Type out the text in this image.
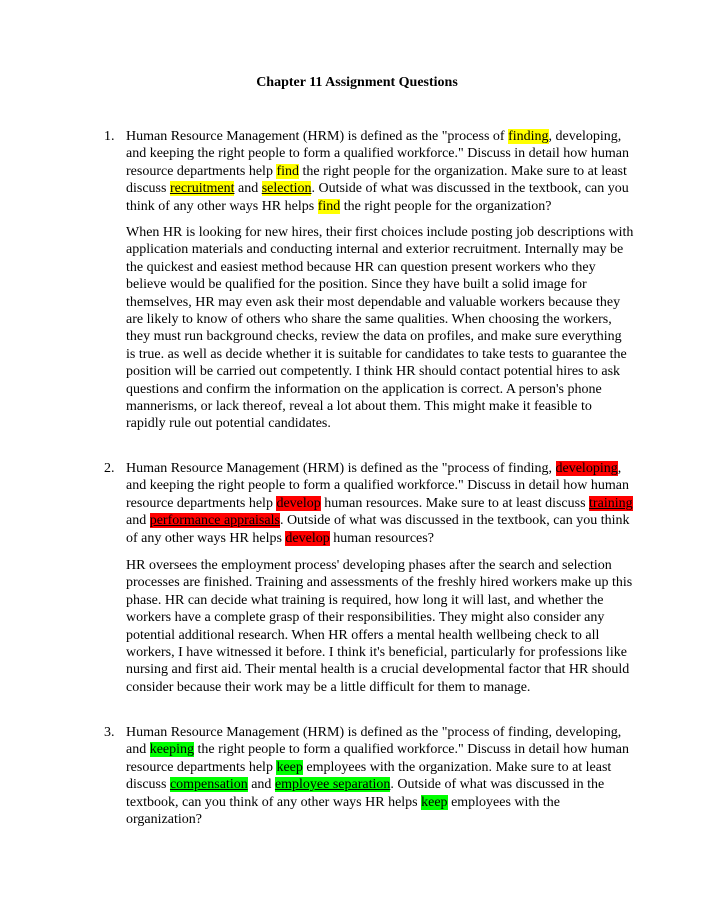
Chapter 11 Assignment Questions
1. Human Resource Management (HRM) is defined as the "process of finding, developing, and keeping the right people to form a qualified workforce." Discuss in detail how human resource departments help find the right people for the organization. Make sure to at least discuss recruitment and selection. Outside of what was discussed in the textbook, can you think of any other ways HR helps find the right people for the organization?

When HR is looking for new hires, their first choices include posting job descriptions with application materials and conducting internal and exterior recruitment. Internally may be the quickest and easiest method because HR can question present workers who they believe would be qualified for the position. Since they have built a solid image for themselves, HR may even ask their most dependable and valuable workers because they are likely to know of others who share the same qualities. When choosing the workers, they must run background checks, review the data on profiles, and make sure everything is true. as well as decide whether it is suitable for candidates to take tests to guarantee the position will be carried out competently. I think HR should contact potential hires to ask questions and confirm the information on the application is correct. A person's phone mannerisms, or lack thereof, reveal a lot about them. This might make it feasible to rapidly rule out potential candidates.

2. Human Resource Management (HRM) is defined as the "process of finding, developing, and keeping the right people to form a qualified workforce." Discuss in detail how human resource departments help develop human resources. Make sure to at least discuss training and performance appraisals. Outside of what was discussed in the textbook, can you think of any other ways HR helps develop human resources?

HR oversees the employment process' developing phases after the search and selection processes are finished. Training and assessments of the freshly hired workers make up this phase. HR can decide what training is required, how long it will last, and whether the workers have a complete grasp of their responsibilities. They might also consider any potential additional research. When HR offers a mental health wellbeing check to all workers, I have witnessed it before. I think it's beneficial, particularly for professions like nursing and first aid. Their mental health is a crucial developmental factor that HR should consider because their work may be a little difficult for them to manage.

3. Human Resource Management (HRM) is defined as the "process of finding, developing, and keeping the right people to form a qualified workforce." Discuss in detail how human resource departments help keep employees with the organization. Make sure to at least discuss compensation and employee separation. Outside of what was discussed in the textbook, can you think of any other ways HR helps keep employees with the organization?
